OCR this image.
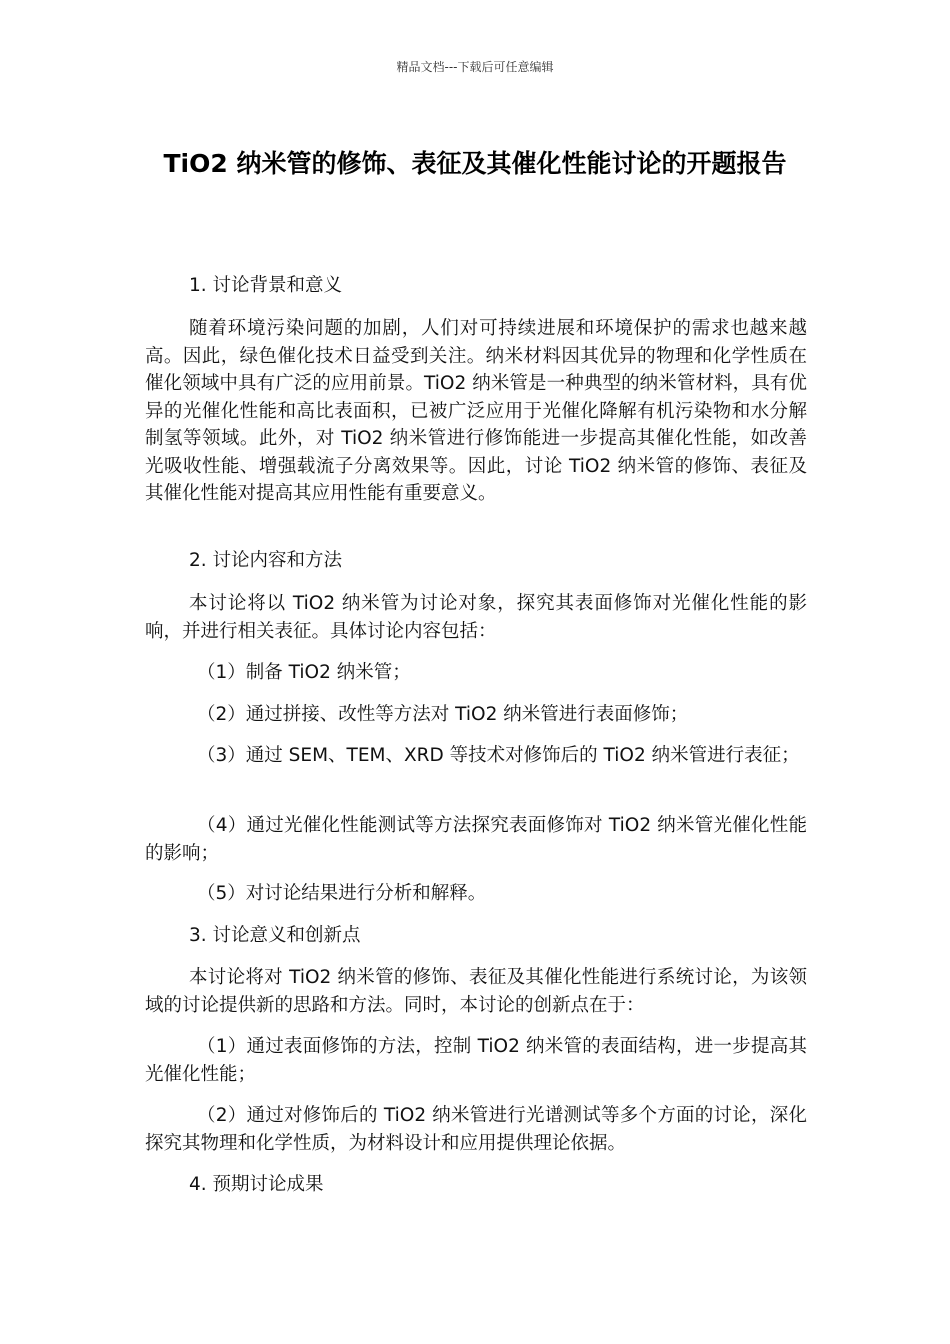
精品文档---下载后可任意编辑
TiO2 纳米管的修饰、表征及其催化性能讨论的开题报告

1. 讨论背景和意义

随着环境污染问题的加剧，人们对可持续进展和环境保护的需求也越来越高。因此，绿色催化技术日益受到关注。纳米材料因其优异的物理和化学性质在催化领域中具有广泛的应用前景。TiO2 纳米管是一种典型的纳米管材料，具有优异的光催化性能和高比表面积，已被广泛应用于光催化降解有机污染物和水分解制氢等领域。此外，对 TiO2 纳米管进行修饰能进一步提高其催化性能，如改善光吸收性能、增强载流子分离效果等。因此，讨论 TiO2 纳米管的修饰、表征及其催化性能对提高其应用性能有重要意义。

2. 讨论内容和方法

本讨论将以 TiO2 纳米管为讨论对象，探究其表面修饰对光催化性能的影响，并进行相关表征。具体讨论内容包括：

（1）制备 TiO2 纳米管；

（2）通过拼接、改性等方法对 TiO2 纳米管进行表面修饰；

（3）通过 SEM、TEM、XRD 等技术对修饰后的 TiO2 纳米管进行表征；

（4）通过光催化性能测试等方法探究表面修饰对 TiO2 纳米管光催化性能的影响；

（5）对讨论结果进行分析和解释。

3. 讨论意义和创新点

本讨论将对 TiO2 纳米管的修饰、表征及其催化性能进行系统讨论，为该领域的讨论提供新的思路和方法。同时，本讨论的创新点在于：

（1）通过表面修饰的方法，控制 TiO2 纳米管的表面结构，进一步提高其光催化性能；

（2）通过对修饰后的 TiO2 纳米管进行光谱测试等多个方面的讨论，深化探究其物理和化学性质，为材料设计和应用提供理论依据。

4. 预期讨论成果
